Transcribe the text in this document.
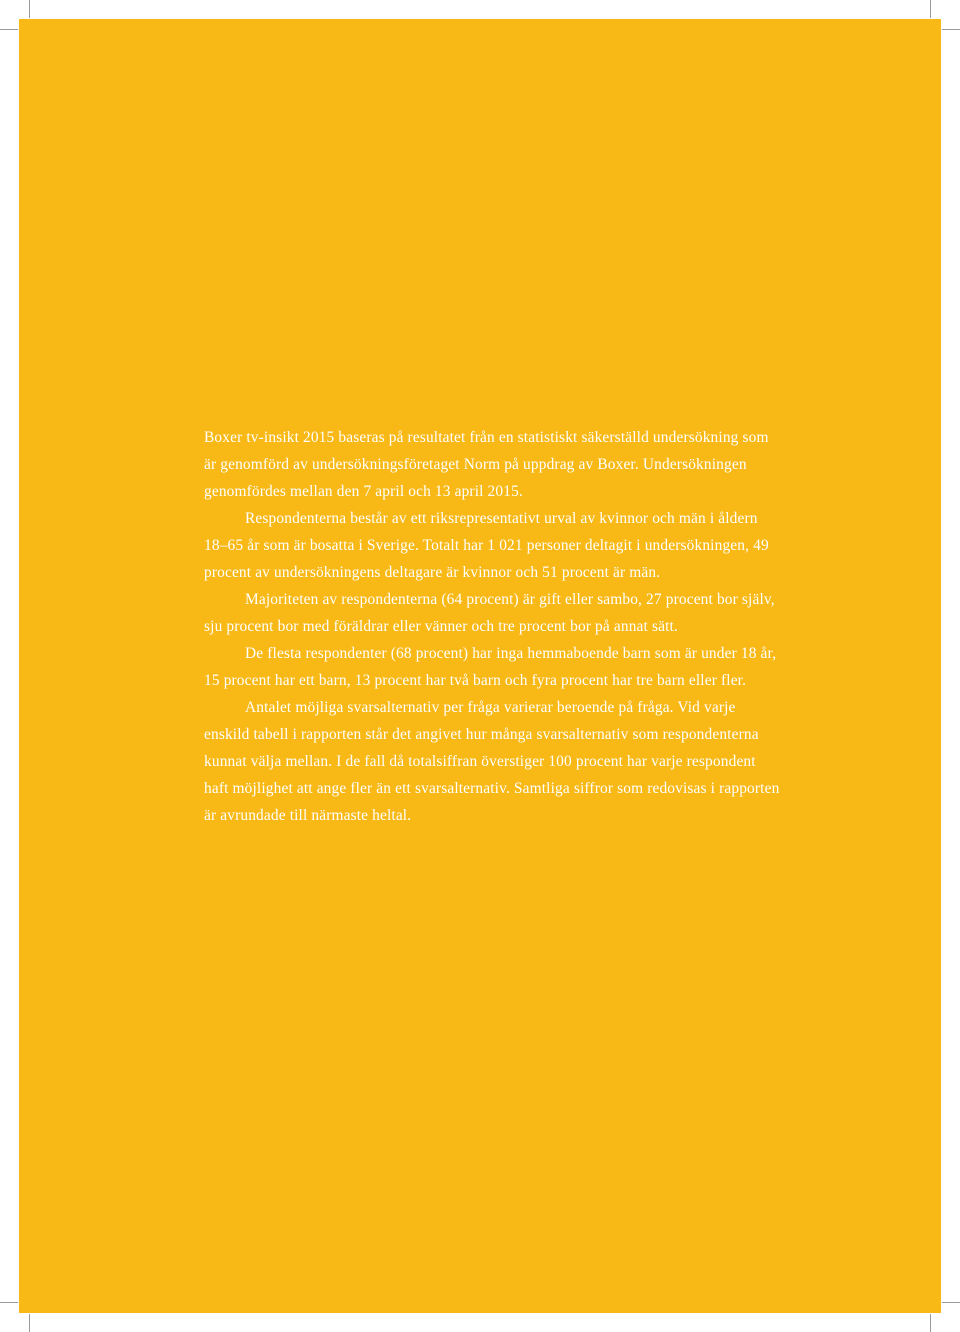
Boxer tv-insikt 2015 baseras på resultatet från en statistiskt säkerställd undersökning som är genomförd av undersökningsföretaget Norm på uppdrag av Boxer. Undersökningen genomfördes mellan den 7 april och 13 april 2015.

Respondenterna består av ett riksrepresentativt urval av kvinnor och män i åldern 18–65 år som är bosatta i Sverige. Totalt har 1 021 personer deltagit i undersökningen, 49 procent av undersökningens deltagare är kvinnor och 51 procent är män.

Majoriteten av respondenterna (64 procent) är gift eller sambo, 27 procent bor själv, sju procent bor med föräldrar eller vänner och tre procent bor på annat sätt.

De flesta respondenter (68 procent) har inga hemmaboende barn som är under 18 år, 15 procent har ett barn, 13 procent har två barn och fyra procent har tre barn eller fler.

Antalet möjliga svarsalternativ per fråga varierar beroende på fråga. Vid varje enskild tabell i rapporten står det angivet hur många svarsalternativ som respondenterna kunnat välja mellan. I de fall då totalsiffran överstiger 100 procent har varje respondent haft möjlighet att ange fler än ett svarsalternativ. Samtliga siffror som redovisas i rapporten är avrundade till närmaste heltal.
